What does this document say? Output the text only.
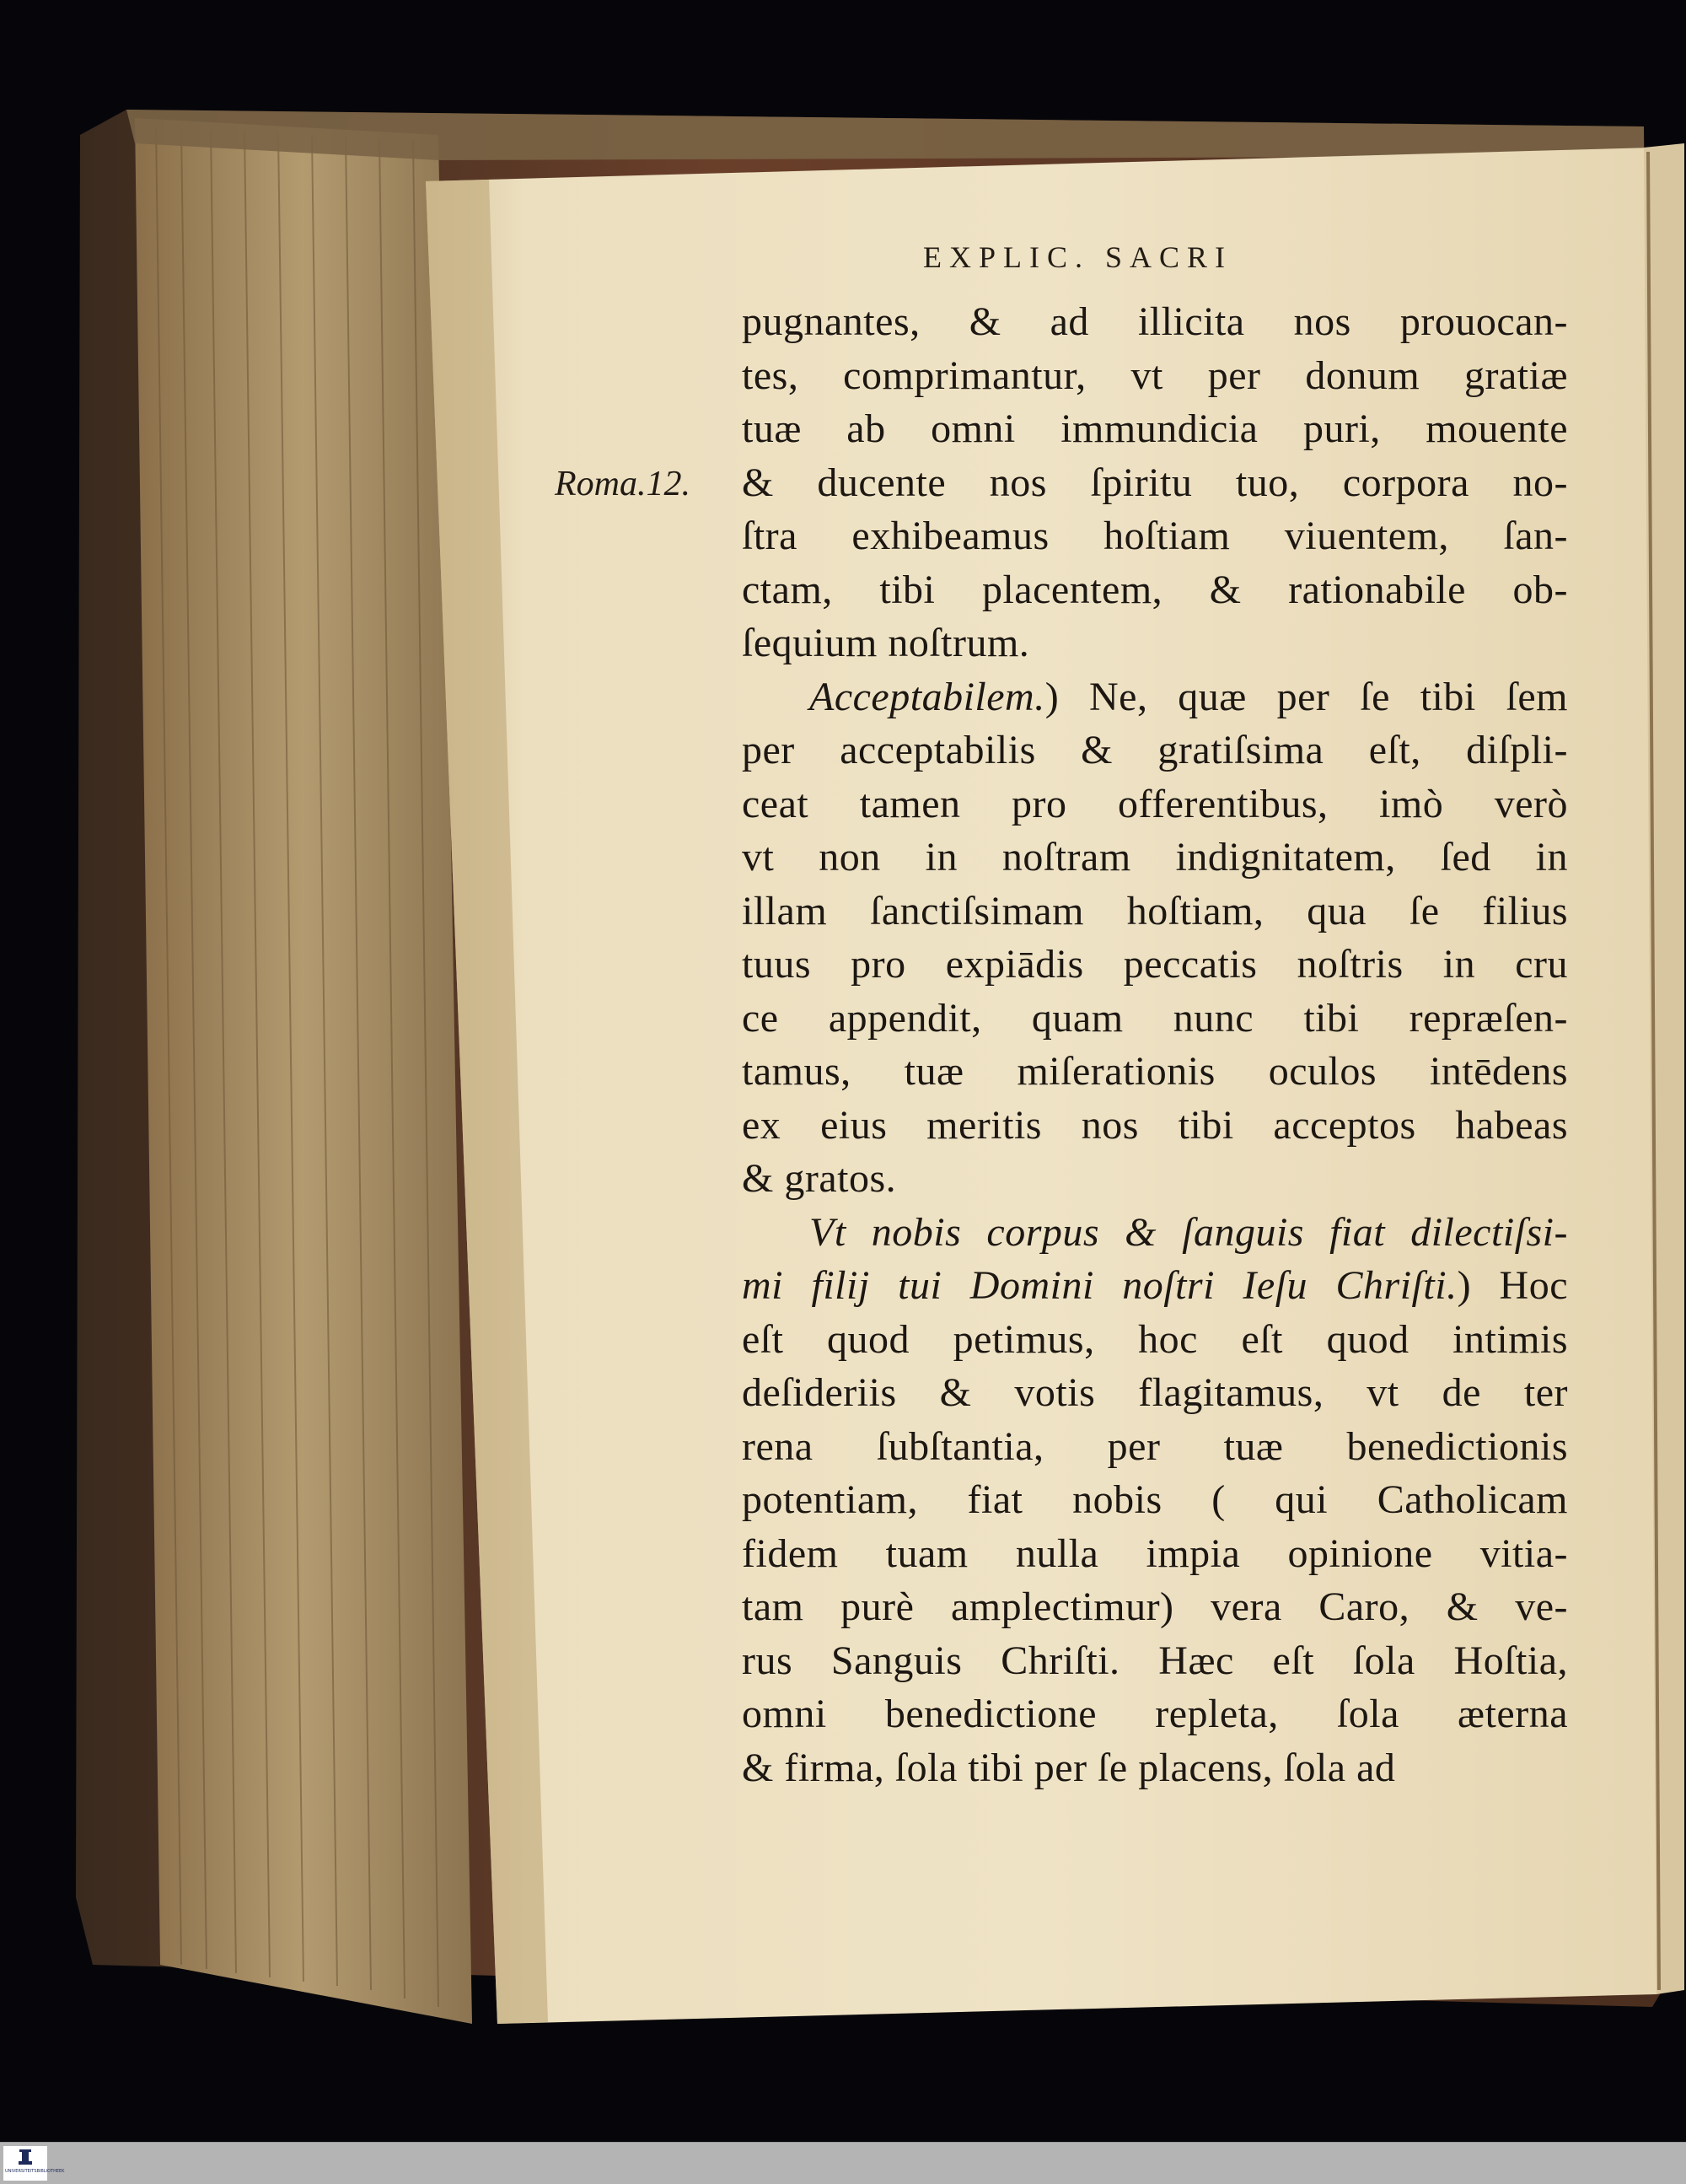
EXPLIC. SACRI
Roma.12.
pugnantes, & ad illicita nos prouocan-
tes, comprimantur, vt per donum gratiæ
tuæ ab omni immundicia puri, mouente
& ducente nos ſpiritu tuo, corpora no-
ſtra exhibeamus hoſtiam viuentem, ſan-
ctam, tibi placentem, & rationabile ob-
ſequium noſtrum.
Acceptabilem.) Ne, quæ per ſe tibi ſem
per acceptabilis & gratiſsima eſt, diſpli-
ceat tamen pro offerentibus, imò verò
vt non in noſtram indignitatem, ſed in
illam ſanctiſsimam hoſtiam, qua ſe filius
tuus pro expiādis peccatis noſtris in cru
ce appendit, quam nunc tibi repræſen-
tamus, tuæ miſerationis oculos intēdens
ex eius meritis nos tibi acceptos habeas
& gratos.
Vt nobis corpus & ſanguis fiat dilectiſsi-
mi filij tui Domini noſtri Ieſu Chriſti.) Hoc
eſt quod petimus, hoc eſt quod intimis
deſideriis & votis flagitamus, vt de ter
rena ſubſtantia, per tuæ benedictionis
potentiam, fiat nobis ( qui Catholicam
fidem tuam nulla impia opinione vitia-
tam purè amplectimur) vera Caro, & ve-
rus Sanguis Chriſti. Hæc eſt ſola Hoſtia,
omni benedictione repleta, ſola æterna
& firma, ſola tibi per ſe placens, ſola ad
UNIVERSITEITSBIBLIOTHEEK
